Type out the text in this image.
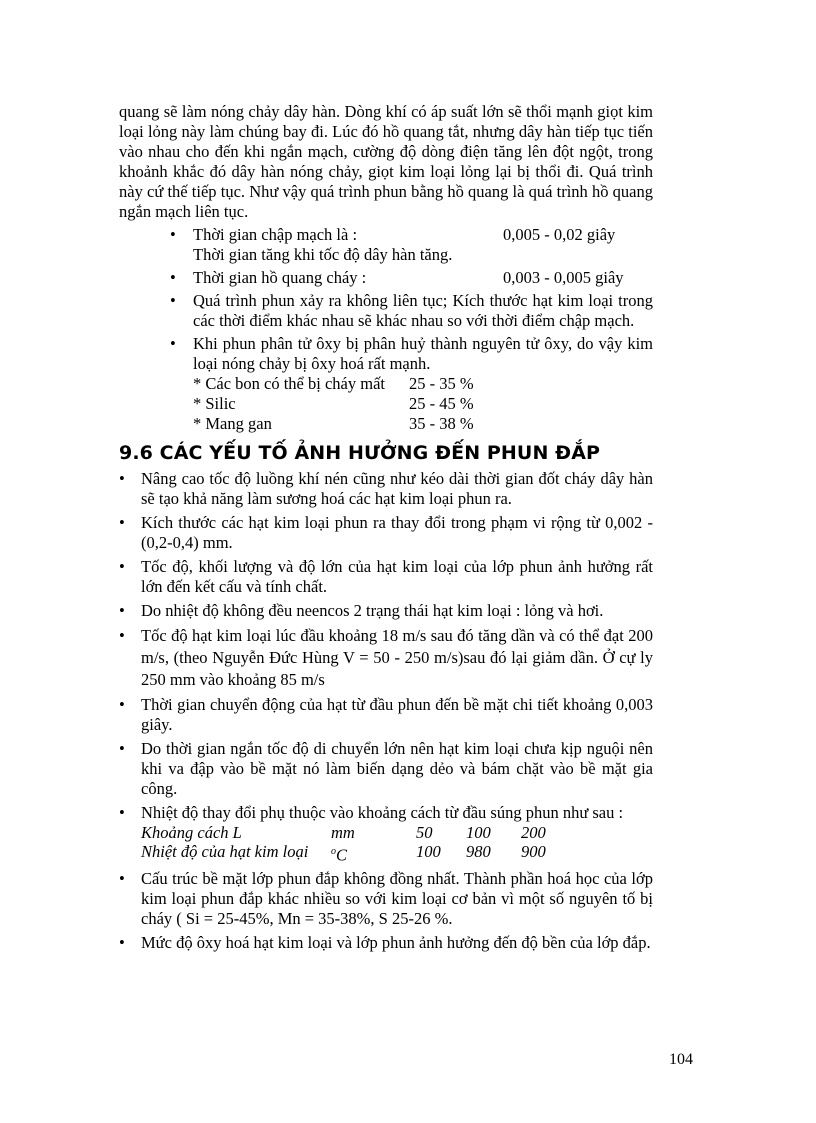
quang sẽ làm nóng chảy dây hàn. Dòng khí có áp suất lớn sẽ thổi mạnh giọt kim loại lỏng này làm chúng bay đi. Lúc đó hồ quang tắt, nhưng dây hàn tiếp tục tiến vào nhau cho đến khi ngắn mạch, cường độ dòng điện tăng lên đột ngột, trong khoảnh khắc đó dây hàn nóng chảy, giọt kim loại lỏng lại bị thổi đi. Quá trình này cứ thế tiếp tục. Như vậy quá trình phun bằng hồ quang là quá trình hồ quang ngắn mạch liên tục.

• Thời gian chập mạch là :	0,005 - 0,02 giây
Thời gian tăng khi tốc độ dây hàn tăng.
• Thời gian hồ quang cháy :	0,003 - 0,005 giây
• Quá trình phun xảy ra không liên tục; Kích thước hạt kim loại trong các thời điểm khác nhau sẽ khác nhau so với thời điểm chập mạch.
• Khi phun phân tử ôxy bị phân huỷ thành nguyên tử ôxy, do vậy kim loại nóng chảy bị ôxy hoá rất mạnh.
* Các bon có thể bị cháy mất 25 - 35 %
* Silic	25 - 45 %
* Mang gan	35 - 38 %
9.6 CÁC YẾU TỐ ẢNH HƯỞNG ĐẾN PHUN ĐẮP
• Nâng cao tốc độ luồng khí nén cũng như kéo dài thời gian đốt cháy dây hàn sẽ tạo khả năng làm sương hoá các hạt kim loại phun ra.
• Kích thước các hạt kim loại phun ra thay đổi trong phạm vi rộng từ 0,002 - (0,2-0,4) mm.
• Tốc độ, khối lượng và độ lớn của hạt kim loại của lớp phun ảnh hưởng rất lớn đến kết cấu và tính chất.
• Do nhiệt độ không đều neencos 2 trạng thái hạt kim loại : lỏng và hơi.
• Tốc độ hạt kim loại lúc đầu khoảng 18 m/s sau đó tăng dần và có thể đạt 200 m/s, (theo Nguyễn Đức Hùng V = 50 - 250 m/s)sau đó lại giảm dần. Ở cự ly 250 mm vào khoảng 85 m/s
• Thời gian chuyển động của hạt từ đầu phun đến bề mặt chi tiết khoảng 0,003 giây.
• Do thời gian ngắn tốc độ di chuyển lớn nên hạt kim loại chưa kịp nguội nên khi va đập vào bề mặt nó làm biến dạng dẻo và bám chặt vào bề mặt gia công.
• Nhiệt độ thay đổi phụ thuộc vào khoảng cách từ đầu súng phun như sau :
Khoảng cách L	mm	50	100	200
Nhiệt độ của hạt kim loại	$^o$C	100	980	900
• Cấu trúc bề mặt lớp phun đắp không đồng nhất. Thành phần hoá học của lớp kim loại phun đắp khác nhiều so với kim loại cơ bản vì một số nguyên tố bị cháy ( Si = 25-45%, Mn = 35-38%, S 25-26 %.
• Mức độ ôxy hoá hạt kim loại và lớp phun ảnh hưởng đến độ bền của lớp đắp.
104
